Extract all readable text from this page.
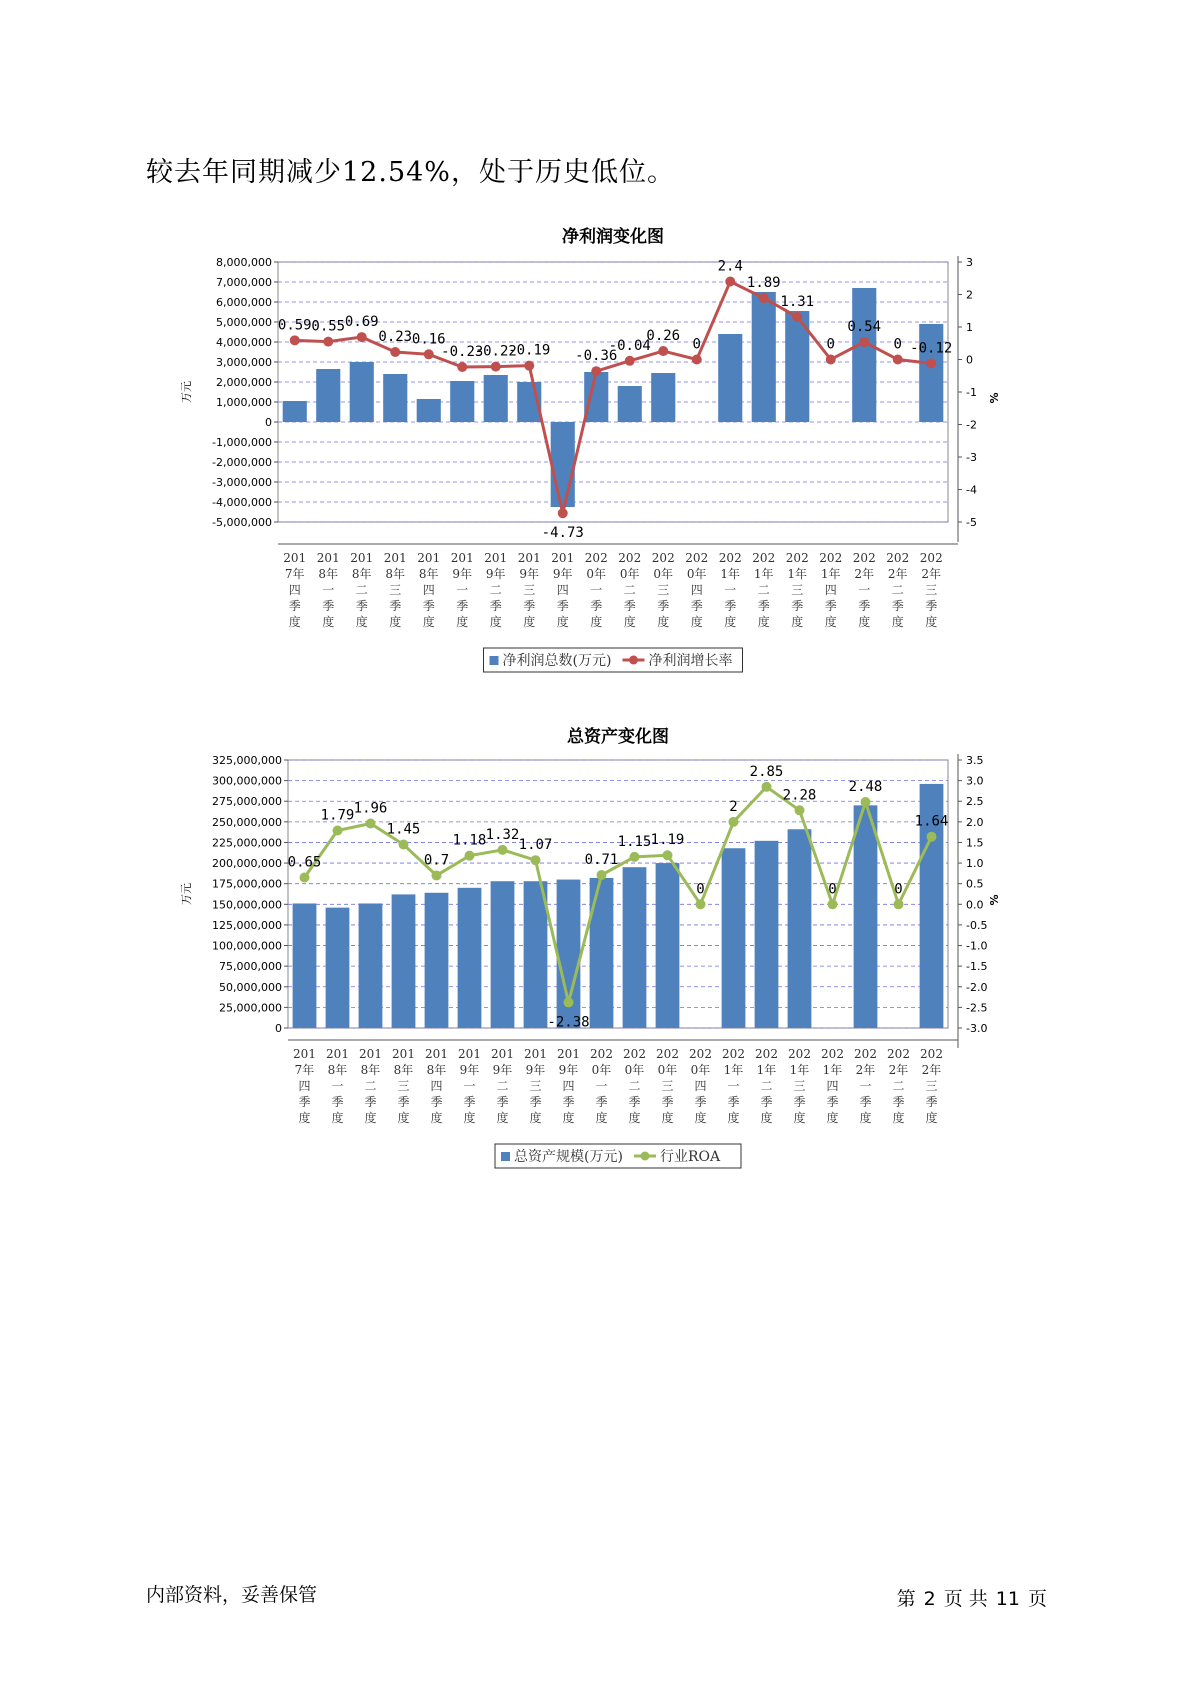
较去年同期减少12.54%，处于历史低位。
净利润变化图
-5,000,000
-4,000,000
-3,000,000
-2,000,000
-1,000,000
0
1,000,000
2,000,000
3,000,000
4,000,000
5,000,000
6,000,000
7,000,000
8,000,000
-5
-4
-3
-2
-1
0
1
2
3
%
万元
201
7年
四
季
度
201
8年
一
季
度
201
8年
二
季
度
201
8年
三
季
度
201
8年
四
季
度
201
9年
一
季
度
201
9年
二
季
度
201
9年
三
季
度
201
9年
四
季
度
202
0年
一
季
度
202
0年
二
季
度
202
0年
三
季
度
202
0年
四
季
度
202
1年
一
季
度
202
1年
二
季
度
202
1年
三
季
度
202
1年
四
季
度
202
2年
一
季
度
202
2年
二
季
度
202
2年
三
季
度
0.59 0.55 0.69
0.23 0.16
-0.23
-0.22
-0.19
-4.73
-0.36
-0.04
0.26
0
2.4
1.89
1.31
0
0.54
0 -0.12
净利润总数(万元)	净利润增长率
总资产变化图
0
25,000,000
50,000,000
75,000,000
100,000,000
125,000,000
150,000,000
175,000,000
200,000,000
225,000,000
250,000,000
275,000,000
300,000,000
325,000,000
-3.0
-2.5
-2.0
-1.5
-1.0
-0.5
0.0
0.5
1.0
1.5
2.0
2.5
3.0
3.5
%
万元
201
7年
四
季
度
201
8年
一
季
度
201
8年
二
季
度
201
8年
三
季
度
201
8年
四
季
度
201
9年
一
季
度
201
9年
二
季
度
201
9年
三
季
度
201
9年
四
季
度
202
0年
一
季
度
202
0年
二
季
度
202
0年
三
季
度
202
0年
四
季
度
202
1年
一
季
度
202
1年
二
季
度
202
1年
三
季
度
202
1年
四
季
度
202
2年
一
季
度
202
2年
二
季
度
202
2年
三
季
度
0.65
1.79 1.96
1.45
0.7
1.18 1.32
1.07
-2.38
0.71
1.15 1.19
0
2
2.85
2.28
0
2.48
0
1.64
总资产规模(万元)	行业ROA
内部资料，妥善保管	第 2 页 共 11 页
